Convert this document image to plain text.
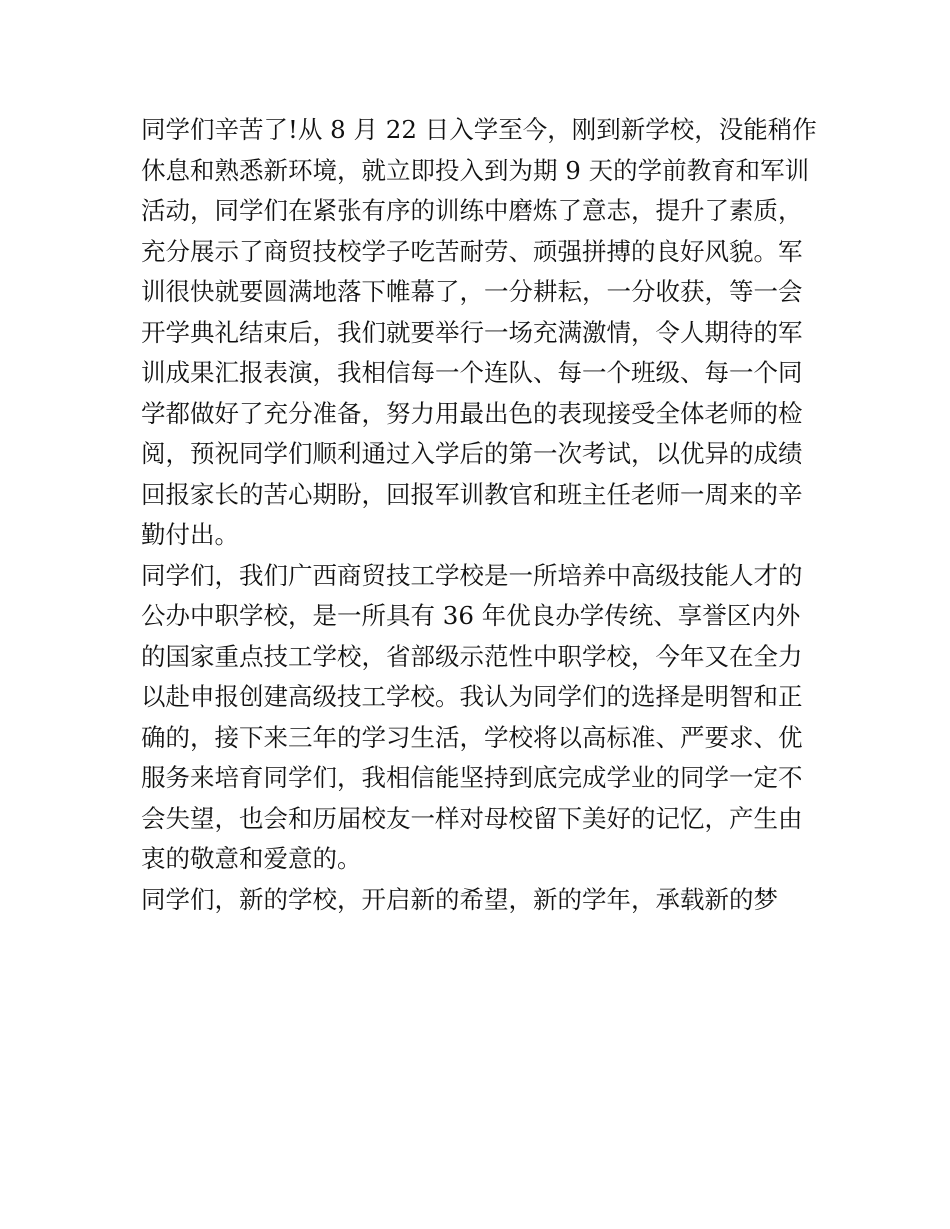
同学们辛苦了!从 8 月 22 日入学至今，刚到新学校，没能稍作
休息和熟悉新环境，就立即投入到为期 9 天的学前教育和军训
活动，同学们在紧张有序的训练中磨炼了意志，提升了素质，
充分展示了商贸技校学子吃苦耐劳、顽强拼搏的良好风貌。军
训很快就要圆满地落下帷幕了，一分耕耘，一分收获，等一会
开学典礼结束后，我们就要举行一场充满激情，令人期待的军
训成果汇报表演，我相信每一个连队、每一个班级、每一个同
学都做好了充分准备，努力用最出色的表现接受全体老师的检
阅，预祝同学们顺利通过入学后的第一次考试，以优异的成绩
回报家长的苦心期盼，回报军训教官和班主任老师一周来的辛
勤付出。
同学们，我们广西商贸技工学校是一所培养中高级技能人才的
公办中职学校，是一所具有 36 年优良办学传统、享誉区内外
的国家重点技工学校，省部级示范性中职学校，今年又在全力
以赴申报创建高级技工学校。我认为同学们的选择是明智和正
确的，接下来三年的学习生活，学校将以高标准、严要求、优
服务来培育同学们，我相信能坚持到底完成学业的同学一定不
会失望，也会和历届校友一样对母校留下美好的记忆，产生由
衷的敬意和爱意的。
同学们，新的学校，开启新的希望，新的学年，承载新的梦
